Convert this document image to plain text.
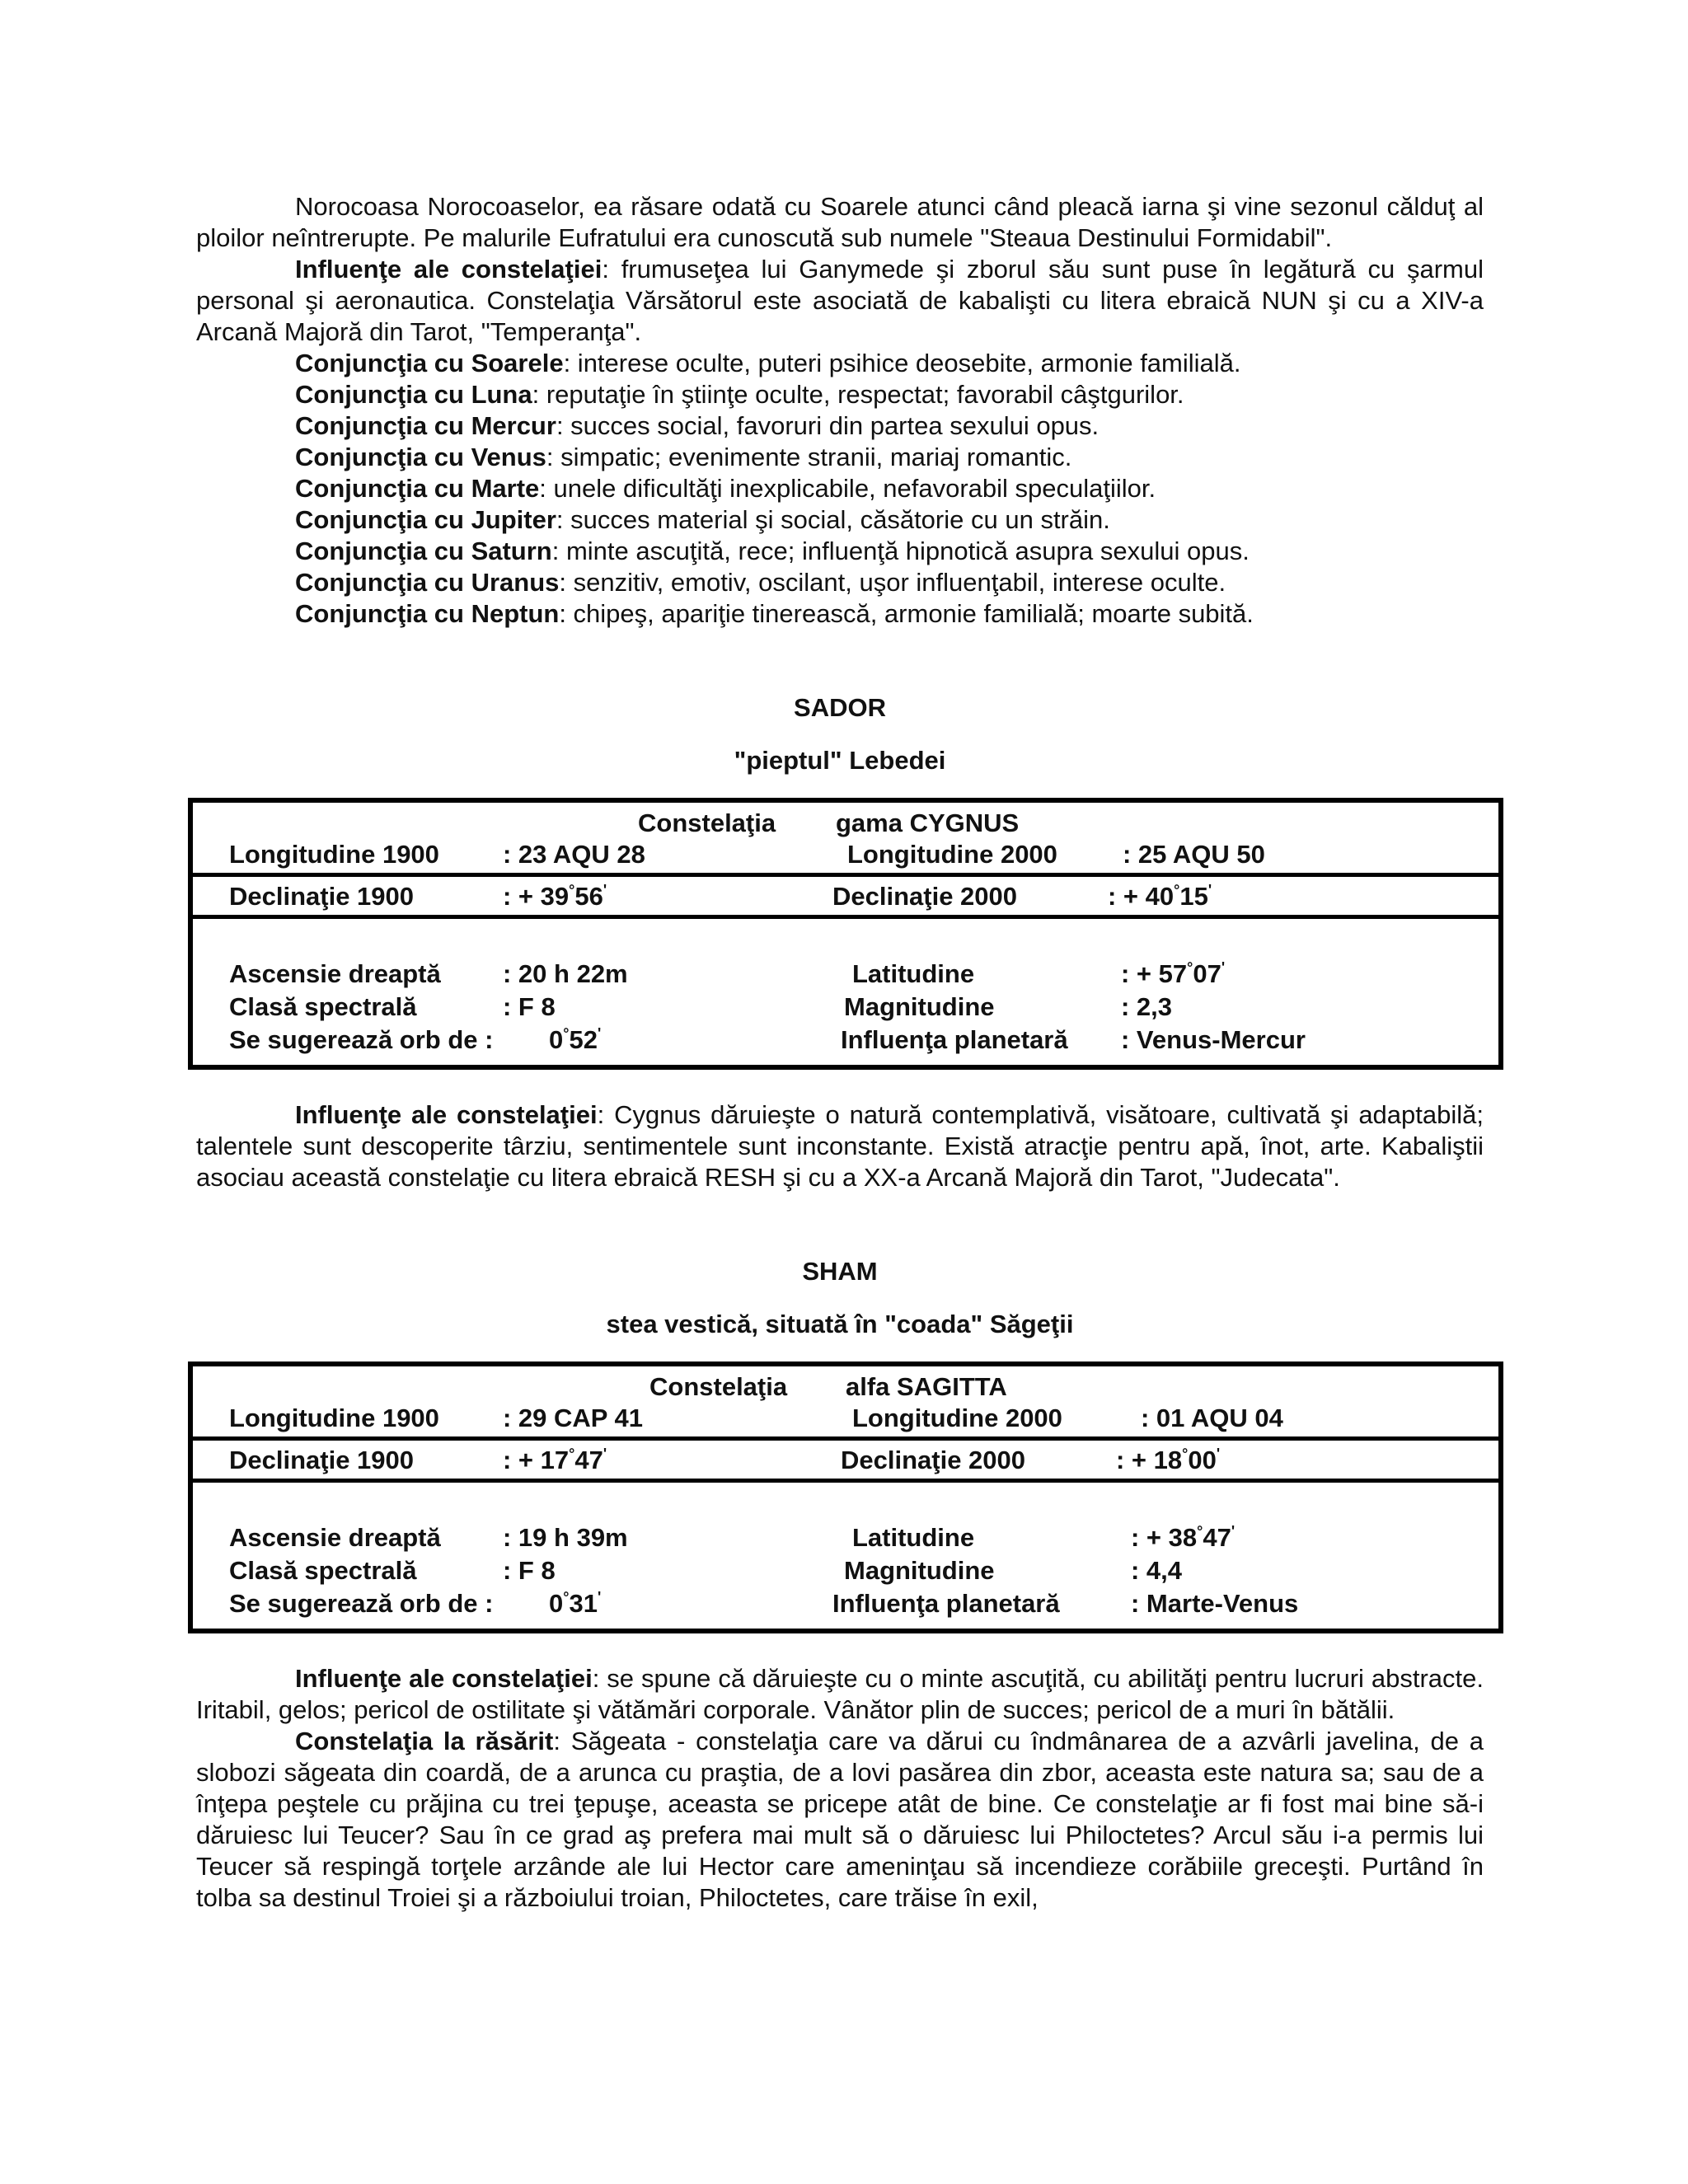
Norocoasa Norocoaselor, ea răsare odată cu Soarele atunci când pleacă iarna şi vine sezonul călduţ al ploilor neîntrerupte. Pe malurile Eufratului era cunoscută sub numele "Steaua Destinului Formidabil".

Influenţe ale constelaţiei: frumuseţea lui Ganymede şi zborul său sunt puse în legătură cu şarmul personal şi aeronautica. Constelaţia Vărsătorul este asociată de kabalişti cu litera ebraică NUN şi cu a XIV-a Arcană Majoră din Tarot, "Temperanţa".

Conjuncţia cu Soarele: interese oculte, puteri psihice deosebite, armonie familială.

Conjuncţia cu Luna: reputaţie în ştiinţe oculte, respectat; favorabil câştgurilor.

Conjuncţia cu Mercur: succes social, favoruri din partea sexului opus.

Conjuncţia cu Venus: simpatic; evenimente stranii, mariaj romantic.

Conjuncţia cu Marte: unele dificultăţi inexplicabile, nefavorabil speculaţiilor.

Conjuncţia cu Jupiter: succes material şi social, căsătorie cu un străin.

Conjuncţia cu Saturn: minte ascuţită, rece; influenţă hipnotică asupra sexului opus.

Conjuncţia cu Uranus: senzitiv, emotiv, oscilant, uşor influenţabil, interese oculte.

Conjuncţia cu Neptun: chipeş, apariţie tinerească, armonie familială; moarte subită.

SADOR

"pieptul" Lebedei

Constelaţia gama CYGNUS
Longitudine 1900 : 23 AQU 28	Longitudine 2000	: 25 AQU 50
Declinaţie 1900	: + 39°56'	Declinaţie 2000	: + 40°15'
Ascensie dreaptă : 20 h 22m	Latitudine	: + 57°07'
Clasă spectrală	: F 8	Magnitudine	: 2,3
Se sugerează orb de : 0°52'	Influenţa planetară : Venus-Mercur

Influenţe ale constelaţiei: Cygnus dăruieşte o natură contemplativă, visătoare, cultivată şi adaptabilă; talentele sunt descoperite târziu, sentimentele sunt inconstante. Există atracţie pentru apă, înot, arte. Kabaliştii asociau această constelaţie cu litera ebraică RESH şi cu a XX-a Arcană Majoră din Tarot, "Judecata".

SHAM

stea vestică, situată în "coada" Săgeţii

Constelaţia alfa SAGITTA
Longitudine 1900 : 29 CAP 41	Longitudine 2000	: 01 AQU 04
Declinaţie 1900	: + 17°47'	Declinaţie 2000	: + 18°00'
Ascensie dreaptă : 19 h 39m	Latitudine	: + 38°47'
Clasă spectrală	: F 8	Magnitudine	: 4,4
Se sugerează orb de : 0°31'	Influenţa planetară	: Marte-Venus

Influenţe ale constelaţiei: se spune că dăruieşte cu o minte ascuţită, cu abilităţi pentru lucruri abstracte. Iritabil, gelos; pericol de ostilitate şi vătămări corporale. Vânător plin de succes; pericol de a muri în bătălii.

Constelaţia la răsărit: Săgeata - constelaţia care va dărui cu îndmânarea de a azvârli javelina, de a slobozi săgeata din coardă, de a arunca cu praştia, de a lovi pasărea din zbor, aceasta este natura sa; sau de a înţepa peştele cu prăjina cu trei ţepuşe, aceasta se pricepe atât de bine. Ce constelaţie ar fi fost mai bine să-i dăruiesc lui Teucer? Sau în ce grad aş prefera mai mult să o dăruiesc lui Philoctetes? Arcul său i-a permis lui Teucer să respingă torţele arzânde ale lui Hector care ameninţau să incendieze corăbiile greceşti. Purtând în tolba sa destinul Troiei şi a războiului troian, Philoctetes, care trăise în exil,
